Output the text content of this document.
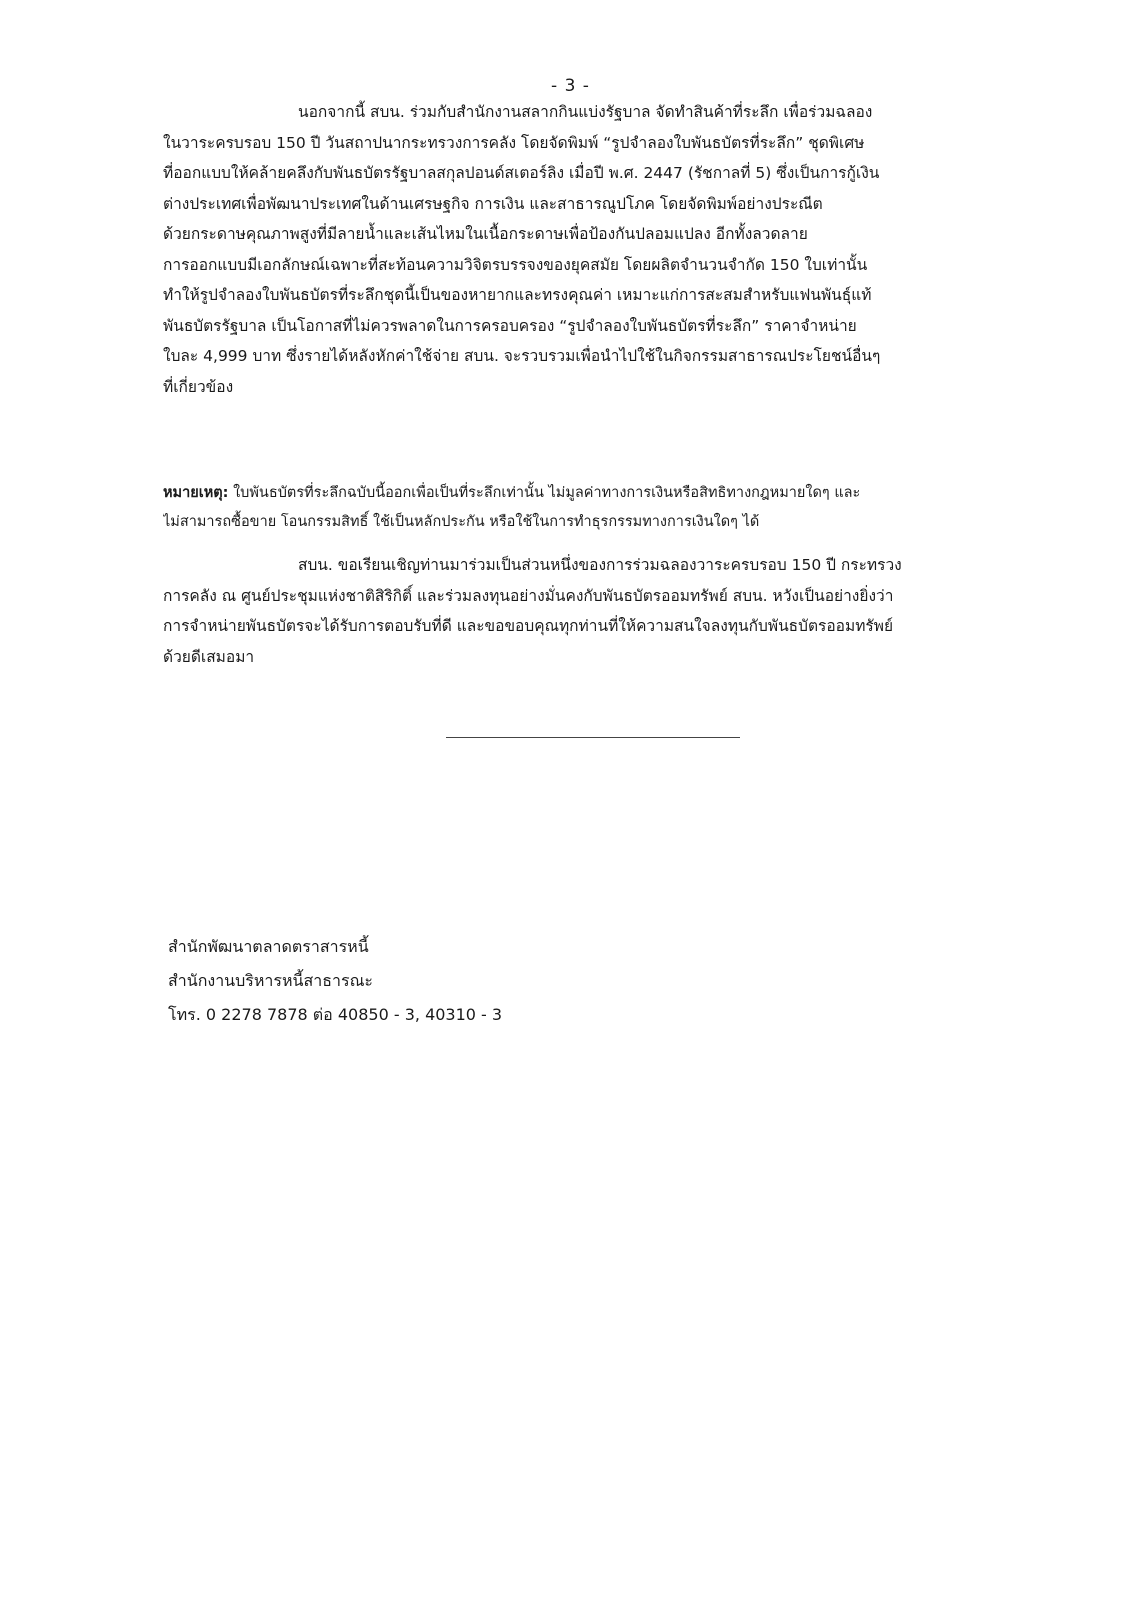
- 3 -
นอกจากนี้ สบน. ร่วมกับสำนักงานสลากกินแบ่งรัฐบาล จัดทำสินค้าที่ระลึก เพื่อร่วมฉลอง
ในวาระครบรอบ 150 ปี วันสถาปนากระทรวงการคลัง โดยจัดพิมพ์ “รูปจำลองใบพันธบัตรที่ระลึก” ชุดพิเศษ
ที่ออกแบบให้คล้ายคลึงกับพันธบัตรรัฐบาลสกุลปอนด์สเตอร์ลิง เมื่อปี พ.ศ. 2447 (รัชกาลที่ 5) ซึ่งเป็นการกู้เงิน
ต่างประเทศเพื่อพัฒนาประเทศในด้านเศรษฐกิจ การเงิน และสาธารณูปโภค โดยจัดพิมพ์อย่างประณีต
ด้วยกระดาษคุณภาพสูงที่มีลายน้ำและเส้นไหมในเนื้อกระดาษเพื่อป้องกันปลอมแปลง อีกทั้งลวดลาย
การออกแบบมีเอกลักษณ์เฉพาะที่สะท้อนความวิจิตรบรรจงของยุคสมัย โดยผลิตจำนวนจำกัด 150 ใบเท่านั้น
ทำให้รูปจำลองใบพันธบัตรที่ระลึกชุดนี้เป็นของหายากและทรงคุณค่า เหมาะแก่การสะสมสำหรับแฟนพันธุ์แท้
พันธบัตรรัฐบาล เป็นโอกาสที่ไม่ควรพลาดในการครอบครอง “รูปจำลองใบพันธบัตรที่ระลึก” ราคาจำหน่าย
ใบละ 4,999 บาท ซึ่งรายได้หลังหักค่าใช้จ่าย สบน. จะรวบรวมเพื่อนำไปใช้ในกิจกรรมสาธารณประโยชน์อื่นๆ
ที่เกี่ยวข้อง
หมายเหตุ: ใบพันธบัตรที่ระลึกฉบับนี้ออกเพื่อเป็นที่ระลึกเท่านั้น ไม่มูลค่าทางการเงินหรือสิทธิทางกฎหมายใดๆ และ
ไม่สามารถซื้อขาย โอนกรรมสิทธิ์ ใช้เป็นหลักประกัน หรือใช้ในการทำธุรกรรมทางการเงินใดๆ ได้
สบน. ขอเรียนเชิญท่านมาร่วมเป็นส่วนหนึ่งของการร่วมฉลองวาระครบรอบ 150 ปี กระทรวง
การคลัง ณ ศูนย์ประชุมแห่งชาติสิริกิติ์ และร่วมลงทุนอย่างมั่นคงกับพันธบัตรออมทรัพย์ สบน. หวังเป็นอย่างยิ่งว่า
การจำหน่ายพันธบัตรจะได้รับการตอบรับที่ดี และขอขอบคุณทุกท่านที่ให้ความสนใจลงทุนกับพันธบัตรออมทรัพย์
ด้วยดีเสมอมา
สำนักพัฒนาตลาดตราสารหนี้
สำนักงานบริหารหนี้สาธารณะ
โทร. 0 2278 7878 ต่อ 40850 - 3, 40310 - 3
